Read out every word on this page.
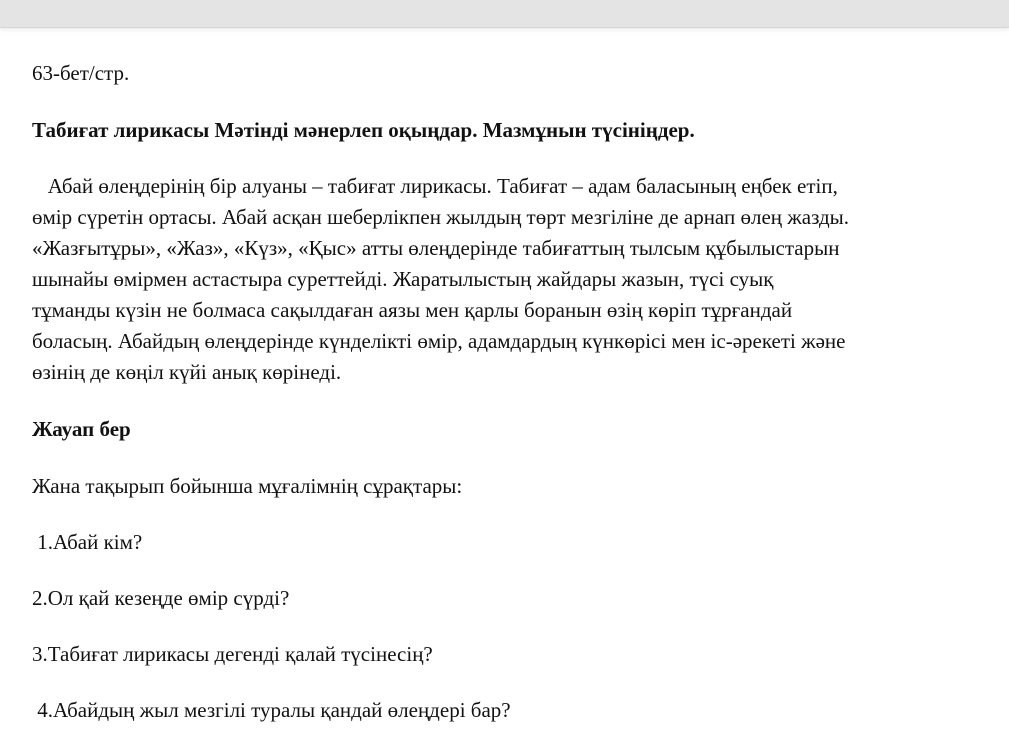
63-бет/стр.
Табиғат лирикасы Мәтінді мәнерлеп оқыңдар. Мазмұнын түсініңдер.
Абай өлеңдерінің бір алуаны – табиғат лирикасы. Табиғат – адам баласының еңбек етіп,
өмір сүретін ортасы. Абай асқан шеберлікпен жылдың төрт мезгіліне де арнап өлең жазды.
«Жазғытұры», «Жаз», «Күз», «Қыс» атты өлеңдерінде табиғаттың тылсым құбылыстарын
шынайы өмірмен астастыра суреттейді. Жаратылыстың жайдары жазын, түсі суық
тұманды күзін не болмаса сақылдаған аязы мен қарлы боранын өзің көріп тұрғандай
боласың. Абайдың өлеңдерінде күнделікті өмір, адамдардың күнкөрісі мен іс-әрекеті және
өзінің де көңіл күйі анық көрінеді.
Жауап бер
Жана тақырып бойынша мұғалімнің сұрақтары:
1.Абай кім?
2.Ол қай кезеңде өмір сүрді?
3.Табиғат лирикасы дегенді қалай түсінесің?
4.Абайдың жыл мезгілі туралы қандай өлеңдері бар?
